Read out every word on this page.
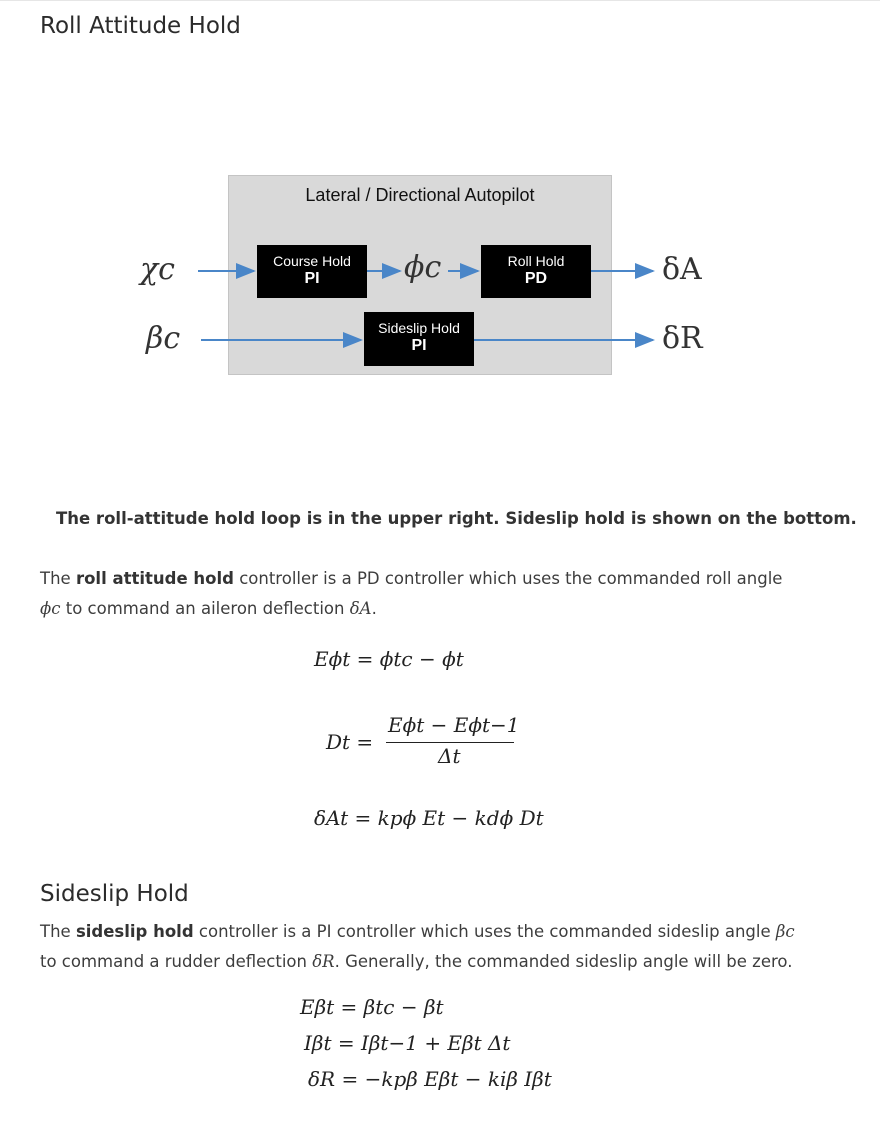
Roll Attitude Hold
Lateral / Directional Autopilot
Course Hold
PI
Roll Hold
PD
Sideslip Hold
PI
χc
βc
ϕc	δA
δR

The roll-attitude hold loop is in the upper right. Sideslip hold is shown on the bottom.

The roll attitude hold controller is a PD controller which uses the commanded roll angle
ϕc to command an aileron deflection δA.

Eϕt = ϕtc − ϕt
Dt =
Eϕt − Eϕt−1
Δt
δAt = kpϕ Et − kdϕ Dt
Sideslip Hold

The sideslip hold controller is a PI controller which uses the commanded sideslip angle βc
to command a rudder deflection δR. Generally, the commanded sideslip angle will be zero.

Eβt = βtc − βt
Iβt = Iβt−1 + Eβt Δt
δR = −kpβ Eβt − kiβ Iβt
